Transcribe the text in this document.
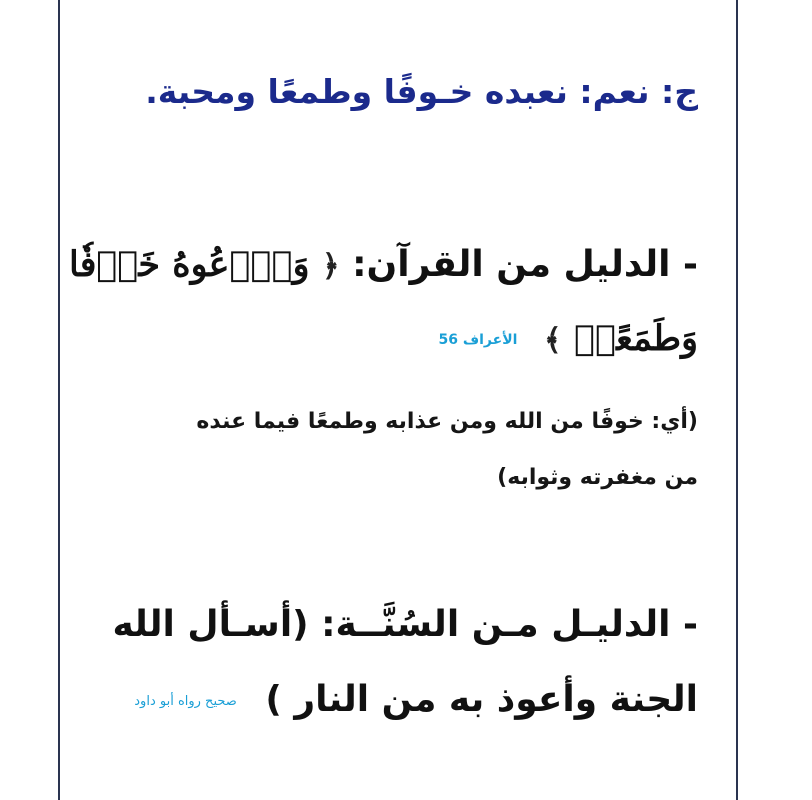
ج: نعم: نعبده خـوفًا وطمعًا ومحبة.
- الدليل من القرآن: ﴿ وَٱدۡعُوهُ خَوۡفٗا
وَطَمَعًاۚ ﴾ الأعراف 56
(أي: خوفًا من الله ومن عذابه وطمعًا فيما عنده
من مغفرته وثوابه)
- الدليـل مـن السُنَّــة: (أسـأل الله
الجنة وأعوذ به من النار ) صحيح رواه أبو داود
